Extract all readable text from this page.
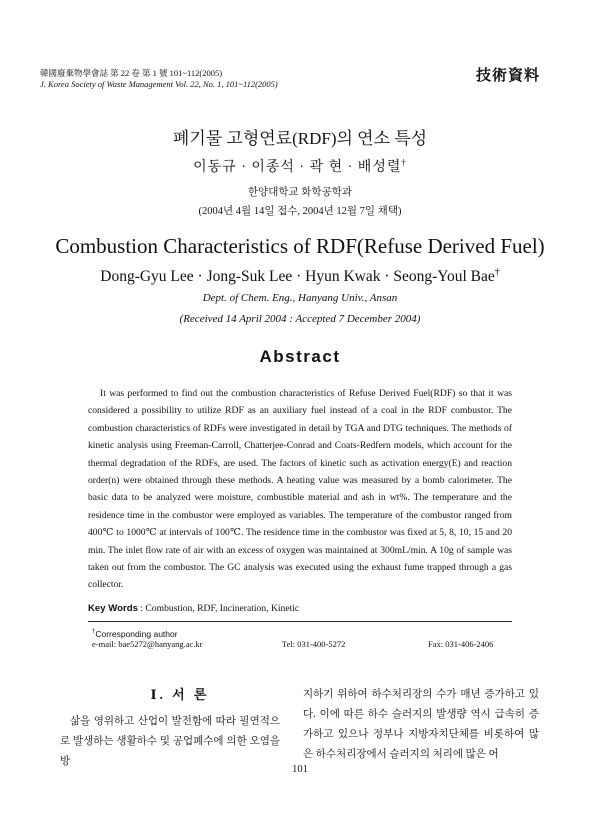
韓國廢棄物學會誌 第 22 卷 第 1 號 101~112(2005)
J. Korea Society of Waste Management Vol. 22, No. 1, 101~112(2005)	技術資料
폐기물 고형연료(RDF)의 연소 특성
이동규 · 이종석 · 곽 현 · 배성렬†
한양대학교 화학공학과
(2004년 4월 14일 접수, 2004년 12월 7일 채택)
Combustion Characteristics of RDF(Refuse Derived Fuel)
Dong-Gyu Lee · Jong-Suk Lee · Hyun Kwak · Seong-Youl Bae†
Dept. of Chem. Eng., Hanyang Univ., Ansan
(Received 14 April 2004 : Accepted 7 December 2004)
Abstract

It was performed to find out the combustion characteristics of Refuse Derived Fuel(RDF) so that it was considered a possibility to utilize RDF as an auxiliary fuel instead of a coal in the RDF combustor. The combustion characteristics of RDFs were investigated in detail by TGA and DTG techniques. The methods of kinetic analysis using Freeman-Carroll, Chatterjee-Conrad and Coats-Redfern models, which account for the thermal degradation of the RDFs, are used. The factors of kinetic such as activation energy(E) and reaction order(n) were obtained through these methods. A heating value was measured by a bomb calorimeter. The basic data to be analyzed were moisture, combustible material and ash in wt%. The temperature and the residence time in the combustor were employed as variables. The temperature of the combustor ranged from 400℃ to 1000℃ at intervals of 100℃. The residence time in the combustor was fixed at 5, 8, 10, 15 and 20 min. The inlet flow rate of air with an excess of oxygen was maintained at 300mL/min. A 10g of sample was taken out from the combustor. The GC analysis was executed using the exhaust fume trapped through a gas collector.

Key Words : Combustion, RDF, Incineration, Kinetic
†Corresponding author
e-mail: bae5272@hanyang.ac.kr	Tel: 031-400-5272	Fax: 031-406-2406
Ⅰ. 서 론

삶을 영위하고 산업이 발전함에 따라 필연적으로 발생하는 생활하수 및 공업폐수에 의한 오염을 방

지하기 위하여 하수처리장의 수가 매년 증가하고 있다. 이에 따른 하수 슬러지의 발생량 역시 급속히 증가하고 있으나 정부나 지방자치단체를 비롯하여 많은 하수처리장에서 슬러지의 처리에 많은 어

101
